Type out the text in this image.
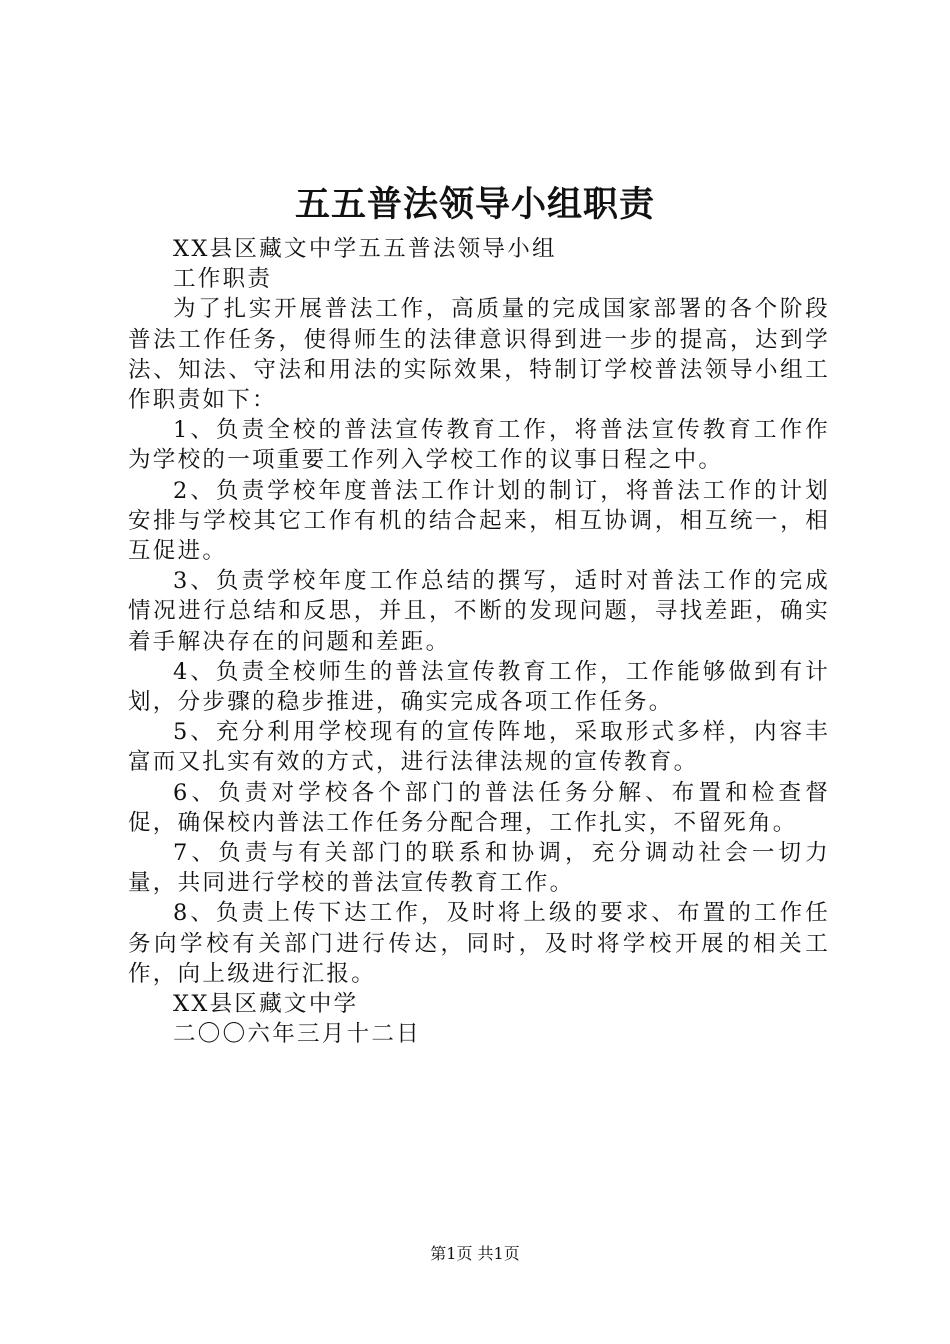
五五普法领导小组职责

XX县区藏文中学五五普法领导小组

工作职责

为了扎实开展普法工作，高质量的完成国家部署的各个阶段普法工作任务，使得师生的法律意识得到进一步的提高，达到学法、知法、守法和用法的实际效果，特制订学校普法领导小组工作职责如下：

1、负责全校的普法宣传教育工作，将普法宣传教育工作作为学校的一项重要工作列入学校工作的议事日程之中。

2、负责学校年度普法工作计划的制订，将普法工作的计划安排与学校其它工作有机的结合起来，相互协调，相互统一，相互促进。

3、负责学校年度工作总结的撰写，适时对普法工作的完成情况进行总结和反思，并且，不断的发现问题，寻找差距，确实着手解决存在的问题和差距。

4、负责全校师生的普法宣传教育工作，工作能够做到有计划，分步骤的稳步推进，确实完成各项工作任务。

5、充分利用学校现有的宣传阵地，采取形式多样，内容丰富而又扎实有效的方式，进行法律法规的宣传教育。

6、负责对学校各个部门的普法任务分解、布置和检查督促，确保校内普法工作任务分配合理，工作扎实，不留死角。

7、负责与有关部门的联系和协调，充分调动社会一切力量，共同进行学校的普法宣传教育工作。

8、负责上传下达工作，及时将上级的要求、布置的工作任务向学校有关部门进行传达，同时，及时将学校开展的相关工作，向上级进行汇报。

XX县区藏文中学

二〇〇六年三月十二日

第1页 共1页
